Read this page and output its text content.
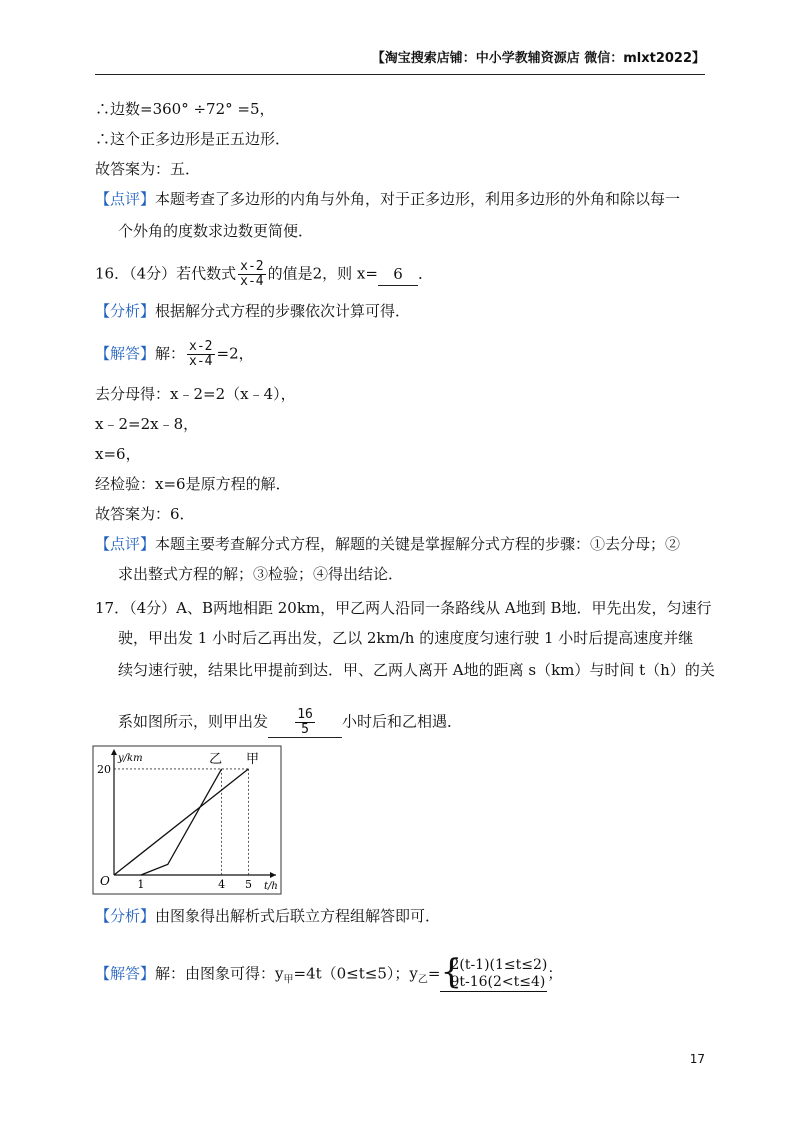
【淘宝搜索店铺：中小学教辅资源店 微信：mlxt2022】
∴边数=360° ÷72° =5，
∴这个正多边形是正五边形．
故答案为：五．
【点评】本题考查了多边形的内角与外角，对于正多边形，利用多边形的外角和除以每一
个外角的度数求边数更简便．
16．（4分）若代数式 $\frac{x-2}{x-4}$ 的值是2，则 x= 6 ．
【分析】根据解分式方程的步骤依次计算可得．
【解答】解： $\frac{x-2}{x-4} =2$，
去分母得：x﹣2=2（x﹣4），
x﹣2=2x﹣8，
x=6，
经检验：x=6是原方程的解．
故答案为：6．
【点评】本题主要考查解分式方程，解题的关键是掌握解分式方程的步骤：①去分母；②
求出整式方程的解；③检验；④得出结论．
17．（4分）A、B两地相距 20km，甲乙两人沿同一条路线从 A地到 B地．甲先出发，匀速行
驶，甲出发 1 小时后乙再出发，乙以 2km/h 的速度度匀速行驶 1 小时后提高速度并继
续匀速行驶，结果比甲提前到达．甲、乙两人离开 A地的距离 s（km）与时间 t（h）的关
系如图所示，则甲出发 $\frac{16}{5}$ 小时后和乙相遇．
y/km
t/h
O	1	4 5
20
甲
乙
【分析】由图象得出解析式后联立方程组解答即可．
【解答】解：由图象可得：$y_甲=4t(0\le t\le 5)$；$y_乙=$ {
2(t-1)(1≤t≤2)
9t-16(2<t≤4) ；
17
